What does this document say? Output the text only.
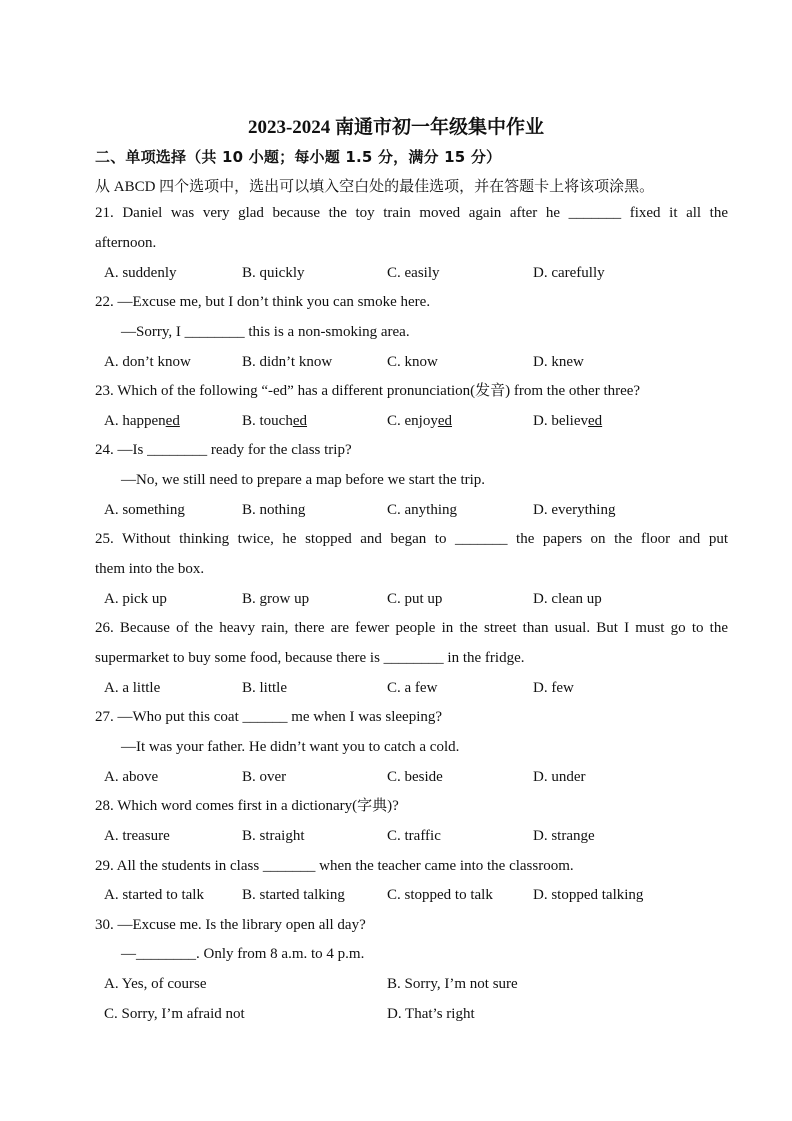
2023-2024 南通市初一年级集中作业
二、单项选择（共 10 小题；每小题 1.5 分，满分 15 分）
从 ABCD 四个选项中，选出可以填入空白处的最佳选项，并在答题卡上将该项涂黑。
21. Daniel was very glad because the toy train moved again after he _______ fixed it all the
afternoon.
A. suddenly	B. quickly	C. easily	D. carefully
22. —Excuse me, but I don’t think you can smoke here.
—Sorry, I ________ this is a non-smoking area.
A. don’t know	B. didn’t know	C. know	D. knew
23. Which of the following “-ed” has a different pronunciation(发音) from the other three?
A. happened	B. touched	C. enjoyed	D. believed
24. —Is ________ ready for the class trip?
—No, we still need to prepare a map before we start the trip.
A. something	B. nothing	C. anything	D. everything
25. Without thinking twice, he stopped and began to _______ the papers on the floor and put
them into the box.
A. pick up	B. grow up	C. put up	D. clean up
26. Because of the heavy rain, there are fewer people in the street than usual. But I must go to the
supermarket to buy some food, because there is ________ in the fridge.
A. a little	B. little	C. a few	D. few
27. —Who put this coat ______ me when I was sleeping?
—It was your father. He didn’t want you to catch a cold.
A. above	B. over	C. beside	D. under
28. Which word comes first in a dictionary(字典)?
A. treasure	B. straight	C. traffic	D. strange
29. All the students in class _______ when the teacher came into the classroom.
A. started to talk	B. started talking	C. stopped to talk	D. stopped talking
30. —Excuse me. Is the library open all day?
—________. Only from 8 a.m. to 4 p.m.
A. Yes, of course	B. Sorry, I’m not sure
C. Sorry, I’m afraid not	D. That’s right
